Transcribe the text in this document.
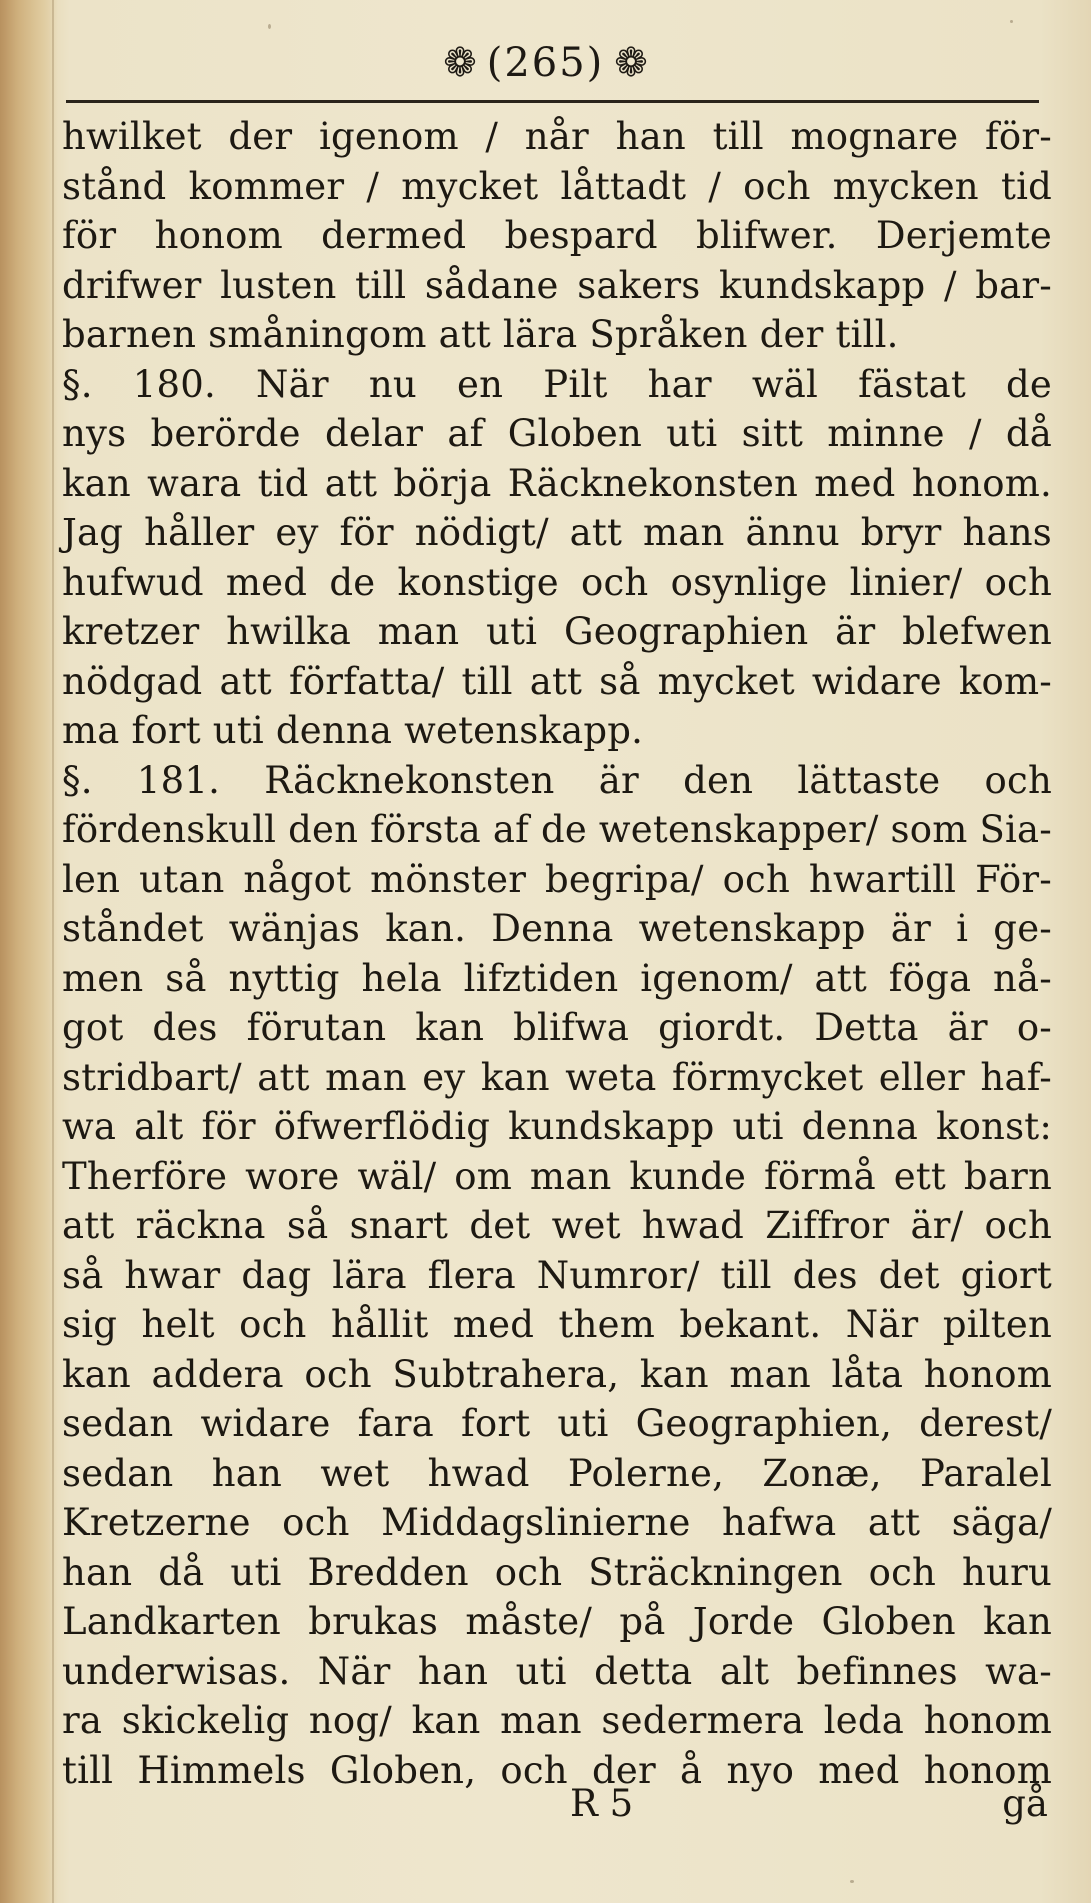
❁ (265) ❁
hwilket der igenom / når han till mognare för-
stånd kommer / mycket låttadt / och mycken tid
för honom dermed bespard blifwer. Derjemte
drifwer lusten till sådane sakers kundskapp / bar-
barnen småningom att lära Språken der till.
§. 180. När nu en Pilt har wäl fästat de
nys berörde delar af Globen uti sitt minne / då
kan wara tid att börja Räcknekonsten med honom.
Jag håller ey för nödigt/ att man ännu bryr hans
hufwud med de konstige och osynlige linier/ och
kretzer hwilka man uti Geographien är blefwen
nödgad att författa/ till att så mycket widare kom-
ma fort uti denna wetenskapp.
§. 181. Räcknekonsten är den lättaste och
fördenskull den första af de wetenskapper/ som Sia-
len utan något mönster begripa/ och hwartill För-
ståndet wänjas kan. Denna wetenskapp är i ge-
men så nyttig hela lifztiden igenom/ att föga nå-
got des förutan kan blifwa giordt. Detta är o-
stridbart/ att man ey kan weta förmycket eller haf-
wa alt för öfwerflödig kundskapp uti denna konst:
Therföre wore wäl/ om man kunde förmå ett barn
att räckna så snart det wet hwad Ziffror är/ och
så hwar dag lära flera Numror/ till des det giort
sig helt och hållit med them bekant. När pilten
kan addera och Subtrahera, kan man låta honom
sedan widare fara fort uti Geographien, derest/
sedan han wet hwad Polerne, Zonæ, Paralel
Kretzerne och Middagslinierne hafwa att säga/
han då uti Bredden och Sträckningen och huru
Landkarten brukas måste/ på Jorde Globen kan
underwisas. När han uti detta alt befinnes wa-
ra skickelig nog/ kan man sedermera leda honom
till Himmels Globen, och der å nyo med honom
R 5	gå
